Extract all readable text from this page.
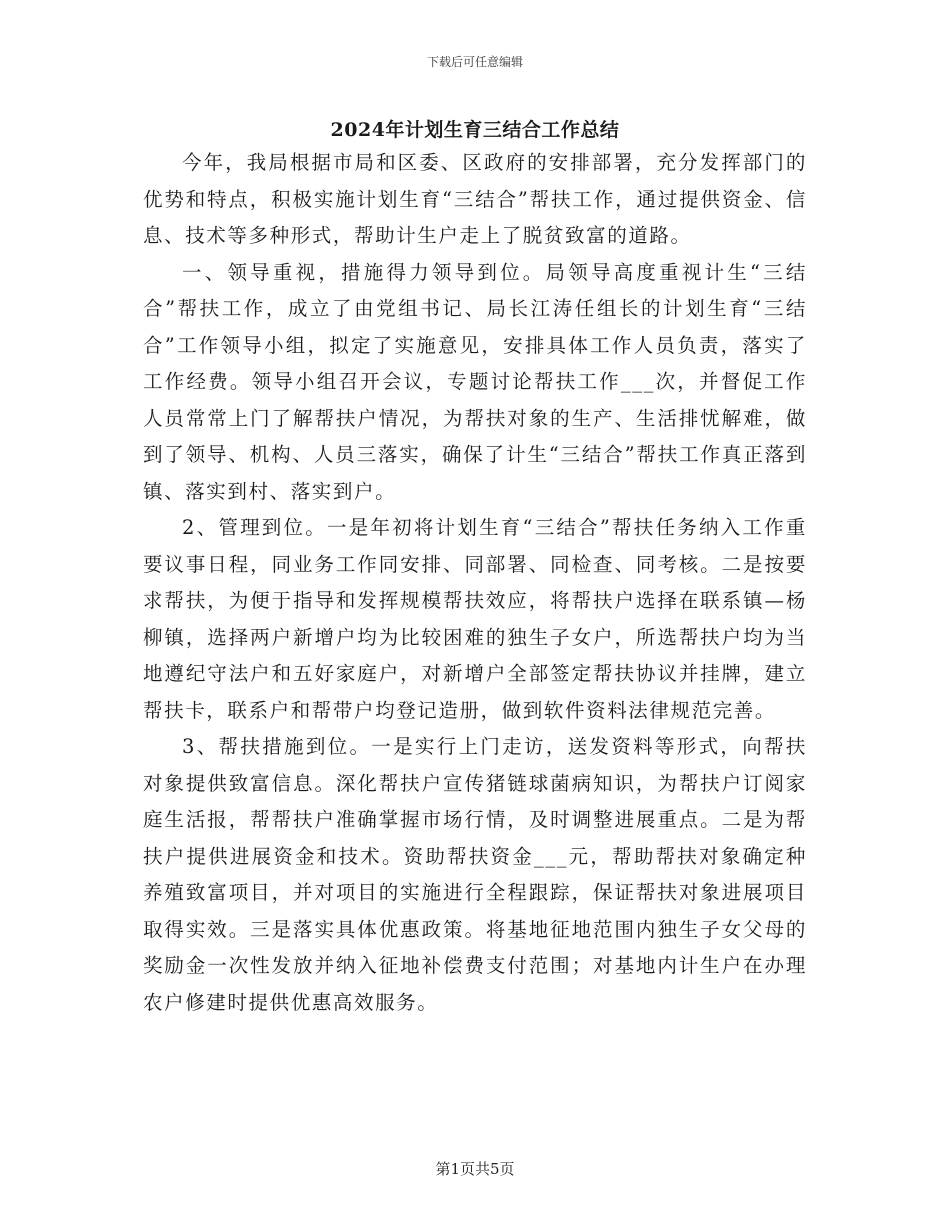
下载后可任意编辑
2024年计划生育三结合工作总结

今年，我局根据市局和区委、区政府的安排部署，充分发挥部门的优势和特点，积极实施计划生育“三结合”帮扶工作，通过提供资金、信息、技术等多种形式，帮助计生户走上了脱贫致富的道路。

一、领导重视，措施得力领导到位。局领导高度重视计生“三结合”帮扶工作，成立了由党组书记、局长江涛任组长的计划生育“三结合”工作领导小组，拟定了实施意见，安排具体工作人员负责，落实了工作经费。领导小组召开会议，专题讨论帮扶工作___次，并督促工作人员常常上门了解帮扶户情况，为帮扶对象的生产、生活排忧解难，做到了领导、机构、人员三落实，确保了计生“三结合”帮扶工作真正落到镇、落实到村、落实到户。

2、管理到位。一是年初将计划生育“三结合”帮扶任务纳入工作重要议事日程，同业务工作同安排、同部署、同检查、同考核。二是按要求帮扶，为便于指导和发挥规模帮扶效应，将帮扶户选择在联系镇—杨柳镇，选择两户新增户均为比较困难的独生子女户，所选帮扶户均为当地遵纪守法户和五好家庭户，对新增户全部签定帮扶协议并挂牌，建立帮扶卡，联系户和帮带户均登记造册，做到软件资料法律规范完善。

3、帮扶措施到位。一是实行上门走访，送发资料等形式，向帮扶对象提供致富信息。深化帮扶户宣传猪链球菌病知识，为帮扶户订阅家庭生活报，帮帮扶户准确掌握市场行情，及时调整进展重点。二是为帮扶户提供进展资金和技术。资助帮扶资金___元，帮助帮扶对象确定种养殖致富项目，并对项目的实施进行全程跟踪，保证帮扶对象进展项目取得实效。三是落实具体优惠政策。将基地征地范围内独生子女父母的奖励金一次性发放并纳入征地补偿费支付范围；对基地内计生户在办理农户修建时提供优惠高效服务。

第1页共5页
